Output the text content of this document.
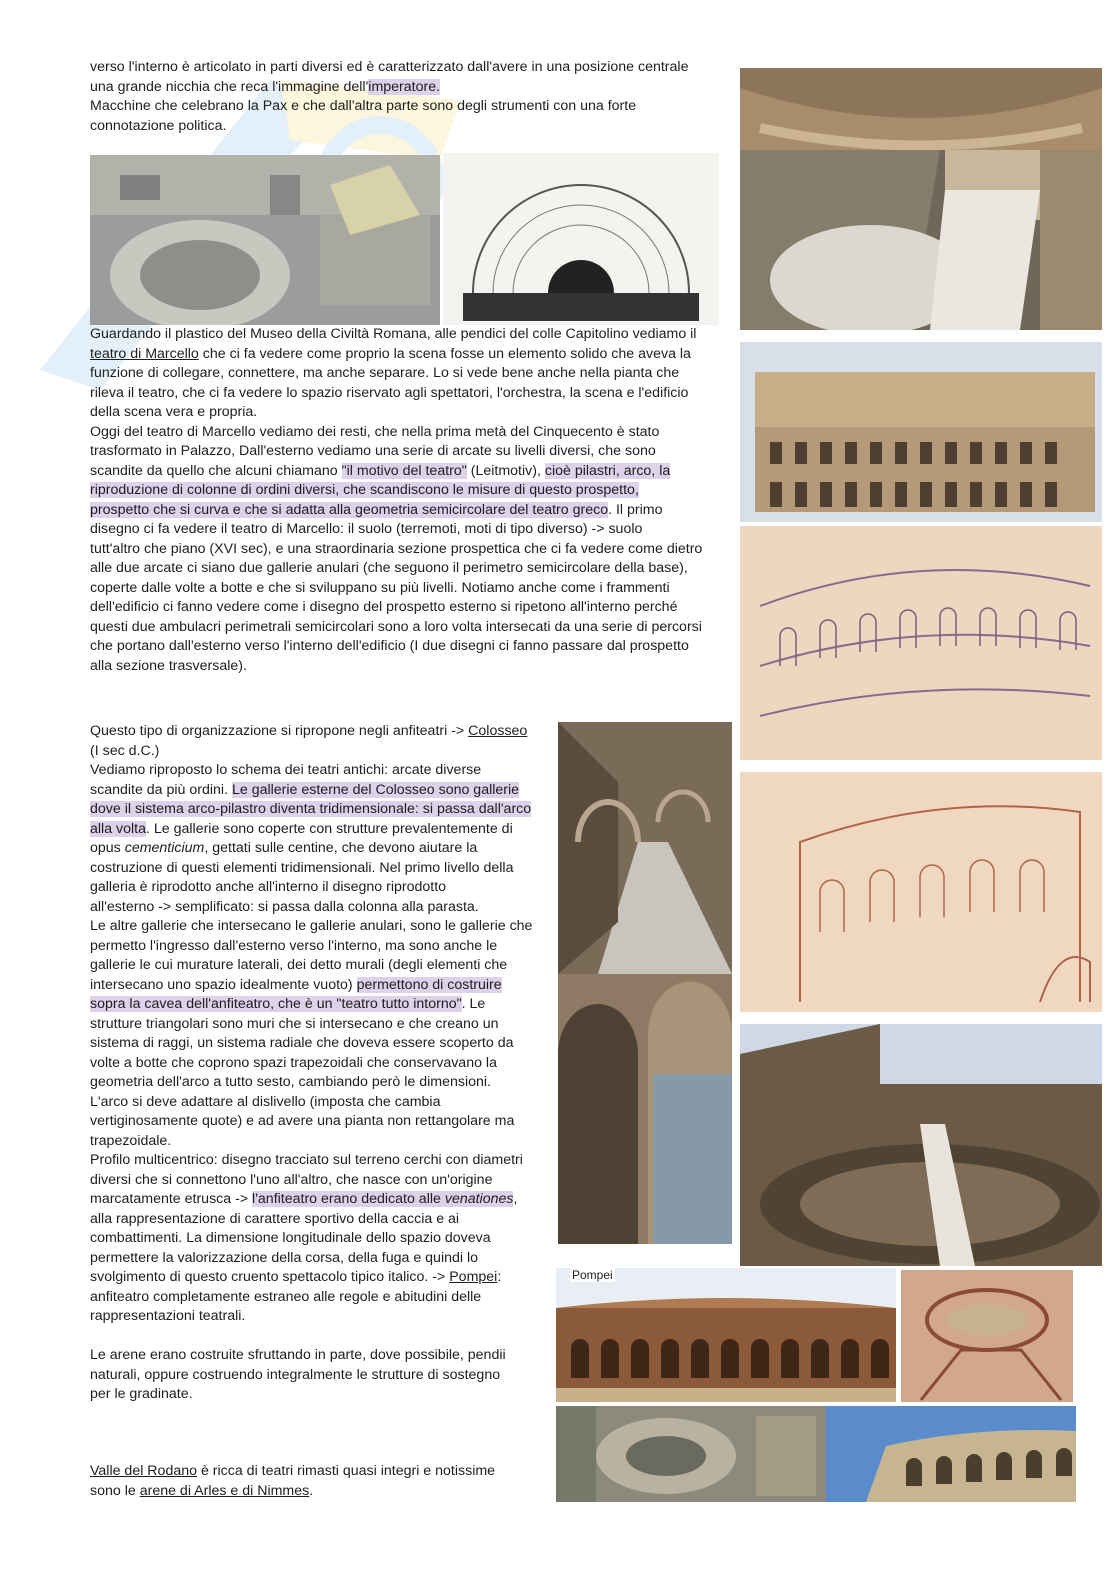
verso l'interno è articolato in parti diversi ed è caratterizzato dall'avere in una posizione centrale

una grande nicchia che reca l'immagine dell'imperatore.

Macchine che celebrano la Pax e che dall'altra parte sono degli strumenti con una forte

connotazione politica.

Guardando il plastico del Museo della Civiltà Romana, alle pendici del colle Capitolino vediamo il

teatro di Marcello che ci fa vedere come proprio la scena fosse un elemento solido che aveva la

funzione di collegare, connettere, ma anche separare. Lo si vede bene anche nella pianta che

rileva il teatro, che ci fa vedere lo spazio riservato agli spettatori, l'orchestra, la scena e l'edificio

della scena vera e propria.

Oggi del teatro di Marcello vediamo dei resti, che nella prima metà del Cinquecento è stato

trasformato in Palazzo, Dall'esterno vediamo una serie di arcate su livelli diversi, che sono

scandite da quello che alcuni chiamano "il motivo del teatro" (Leitmotiv), cioè pilastri, arco, la

riproduzione di colonne di ordini diversi, che scandiscono le misure di questo prospetto,

prospetto che si curva e che si adatta alla geometria semicircolare del teatro greco. Il primo

disegno ci fa vedere il teatro di Marcello: il suolo (terremoti, moti di tipo diverso) -> suolo

tutt'altro che piano (XVI sec), e una straordinaria sezione prospettica che ci fa vedere come dietro

alle due arcate ci siano due gallerie anulari (che seguono il perimetro semicircolare della base),

coperte dalle volte a botte e che si sviluppano su più livelli. Notiamo anche come i frammenti

dell'edificio ci fanno vedere come i disegno del prospetto esterno si ripetono all'interno perché

questi due ambulacri perimetrali semicircolari sono a loro volta intersecati da una serie di percorsi

che portano dall'esterno verso l'interno dell'edificio (I due disegni ci fanno passare dal prospetto

alla sezione trasversale).

Questo tipo di organizzazione si ripropone negli anfiteatri -> Colosseo

(I sec d.C.)

Vediamo riproposto lo schema dei teatri antichi: arcate diverse

scandite da più ordini. Le gallerie esterne del Colosseo sono gallerie

dove il sistema arco-pilastro diventa tridimensionale: si passa dall'arco

alla volta. Le gallerie sono coperte con strutture prevalentemente di

opus cementicium, gettati sulle centine, che devono aiutare la

costruzione di questi elementi tridimensionali. Nel primo livello della

galleria è riprodotto anche all'interno il disegno riprodotto

all'esterno -> semplificato: si passa dalla colonna alla parasta.

Le altre gallerie che intersecano le gallerie anulari, sono le gallerie che

permetto l'ingresso dall'esterno verso l'interno, ma sono anche le

gallerie le cui murature laterali, dei detto murali (degli elementi che

intersecano uno spazio idealmente vuoto) permettono di costruire

sopra la cavea dell'anfiteatro, che è un "teatro tutto intorno". Le

strutture triangolari sono muri che si intersecano e che creano un

sistema di raggi, un sistema radiale che doveva essere scoperto da

volte a botte che coprono spazi trapezoidali che conservavano la

geometria dell'arco a tutto sesto, cambiando però le dimensioni.

L'arco si deve adattare al dislivello (imposta che cambia

vertiginosamente quote) e ad avere una pianta non rettangolare ma

trapezoidale.

Profilo multicentrico: disegno tracciato sul terreno cerchi con diametri

diversi che si connettono l'uno all'altro, che nasce con un'origine

marcatamente etrusca -> l'anfiteatro erano dedicato alle venationes,

alla rappresentazione di carattere sportivo della caccia e ai

combattimenti. La dimensione longitudinale dello spazio doveva

permettere la valorizzazione della corsa, della fuga e quindi lo

svolgimento di questo cruento spettacolo tipico italico. -> Pompei:

anfiteatro completamente estraneo alle regole e abitudini delle

rappresentazioni teatrali.

Le arene erano costruite sfruttando in parte, dove possibile, pendii

naturali, oppure costruendo integralmente le strutture di sostegno

per le gradinate.

Valle del Rodano è ricca di teatri rimasti quasi integri e notissime

sono le arene di Arles e di Nimmes.

Pompei
